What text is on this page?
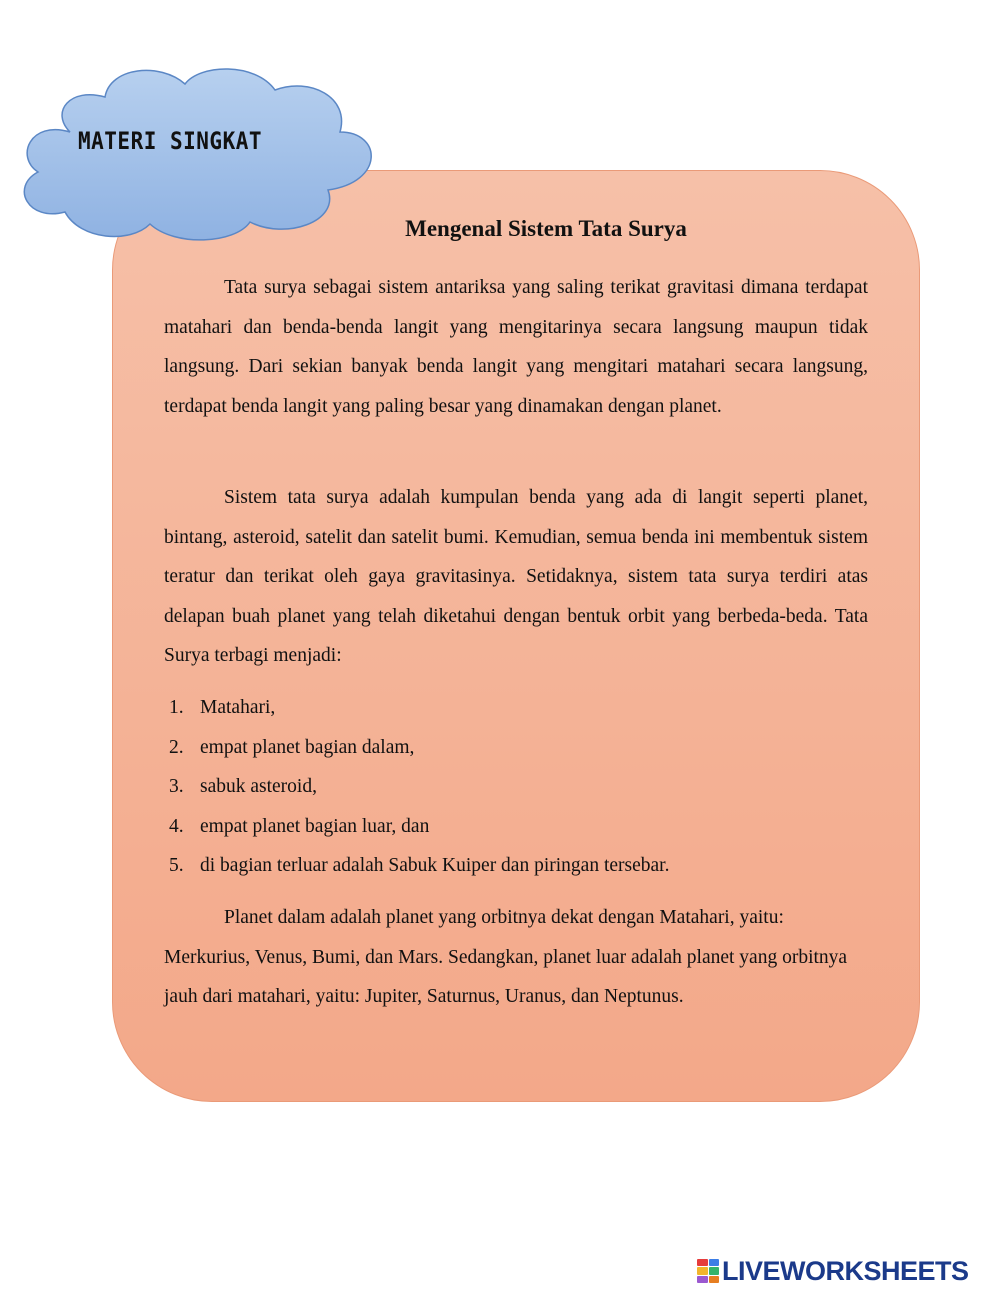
MATERI SINGKAT
Mengenal Sistem Tata Surya

Tata surya sebagai sistem antariksa yang saling terikat gravitasi dimana terdapat matahari dan benda-benda langit yang mengitarinya secara langsung maupun tidak langsung. Dari sekian banyak benda langit yang mengitari matahari secara langsung, terdapat benda langit yang paling besar yang dinamakan dengan planet.

Sistem tata surya adalah kumpulan benda yang ada di langit seperti planet, bintang, asteroid, satelit dan satelit bumi. Kemudian, semua benda ini membentuk sistem teratur dan terikat oleh gaya gravitasinya. Setidaknya, sistem tata surya terdiri atas delapan buah planet yang telah diketahui dengan bentuk orbit yang berbeda-beda. Tata Surya terbagi menjadi:

1. Matahari,
2. empat planet bagian dalam,
3. sabuk asteroid,
4. empat planet bagian luar, dan
5. di bagian terluar adalah Sabuk Kuiper dan piringan tersebar.

Planet dalam adalah planet yang orbitnya dekat dengan Matahari, yaitu: Merkurius, Venus, Bumi, dan Mars. Sedangkan, planet luar adalah planet yang orbitnya jauh dari matahari, yaitu: Jupiter, Saturnus, Uranus, dan Neptunus.

LIVEWORKSHEETS
